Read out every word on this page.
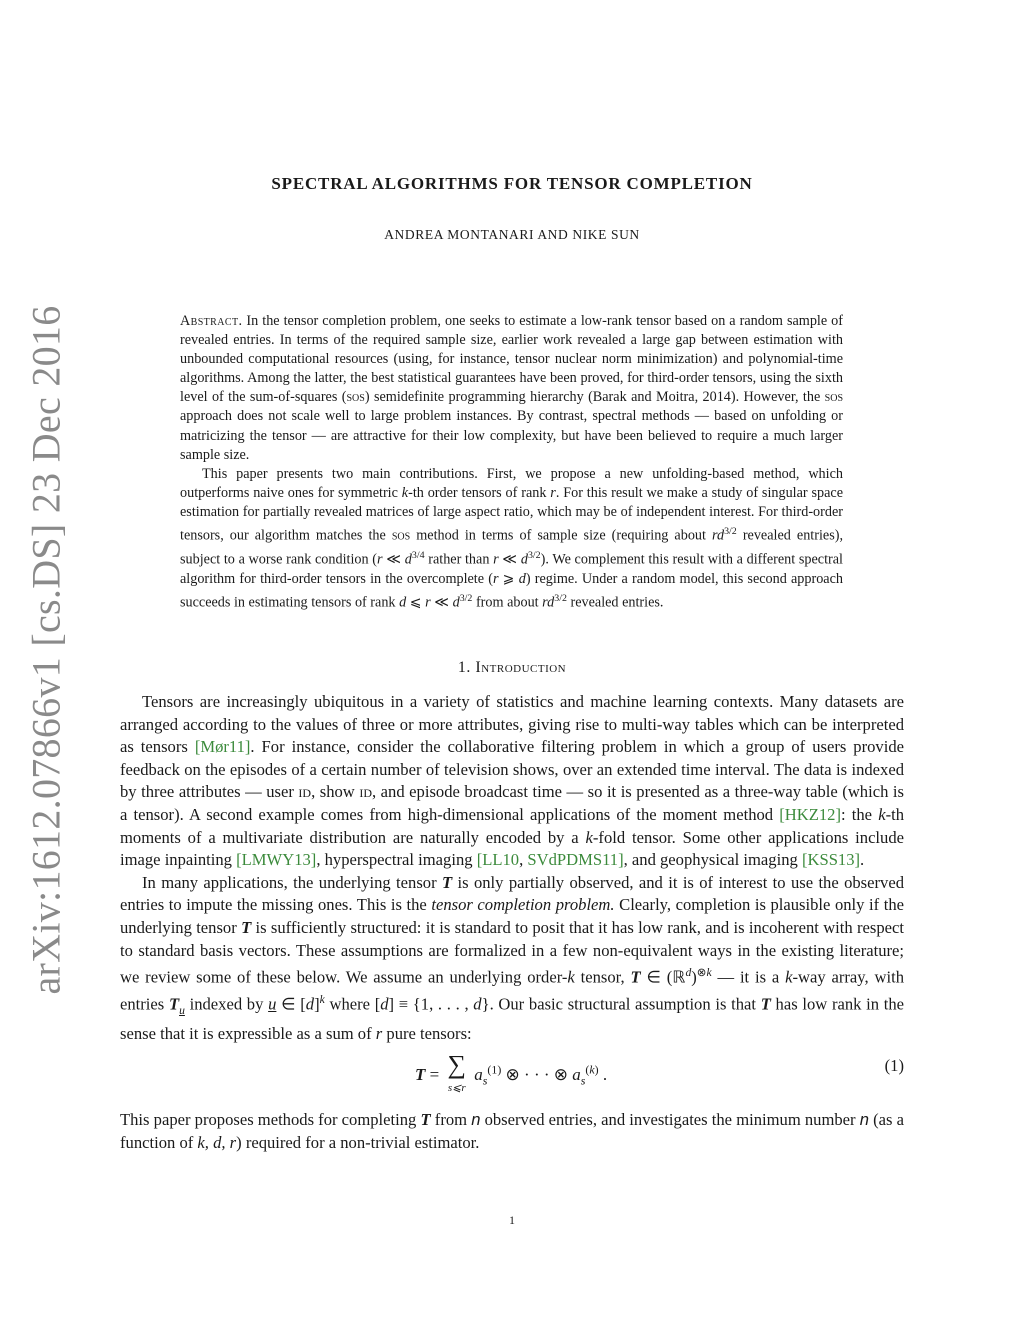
arXiv:1612.07866v1 [cs.DS] 23 Dec 2016
SPECTRAL ALGORITHMS FOR TENSOR COMPLETION
ANDREA MONTANARI AND NIKE SUN

Abstract. In the tensor completion problem, one seeks to estimate a low-rank tensor based on a random sample of revealed entries. In terms of the required sample size, earlier work revealed a large gap between estimation with unbounded computational resources (using, for instance, tensor nuclear norm minimization) and polynomial-time algorithms. Among the latter, the best statistical guarantees have been proved, for third-order tensors, using the sixth level of the sum-of-squares (sos) semidefinite programming hierarchy (Barak and Moitra, 2014). However, the sos approach does not scale well to large problem instances. By contrast, spectral methods — based on unfolding or matricizing the tensor — are attractive for their low complexity, but have been believed to require a much larger sample size.

This paper presents two main contributions. First, we propose a new unfolding-based method, which outperforms naive ones for symmetric k-th order tensors of rank r. For this result we make a study of singular space estimation for partially revealed matrices of large aspect ratio, which may be of independent interest. For third-order tensors, our algorithm matches the sos method in terms of sample size (requiring about $rd^{3/2}$ revealed entries), subject to a worse rank condition (r ≪ $d^{3/4}$ rather than r ≪ $d^{3/2}$). We complement this result with a different spectral algorithm for third-order tensors in the overcomplete (r ⩾ d) regime. Under a random model, this second approach succeeds in estimating tensors of rank d ⩽ r ≪ $d^{3/2}$ from about $rd^{3/2}$ revealed entries.

1. Introduction

Tensors are increasingly ubiquitous in a variety of statistics and machine learning contexts. Many datasets are arranged according to the values of three or more attributes, giving rise to multi-way tables which can be interpreted as tensors [Mør11]. For instance, consider the collaborative filtering problem in which a group of users provide feedback on the episodes of a certain number of television shows, over an extended time interval. The data is indexed by three attributes — user id, show id, and episode broadcast time — so it is presented as a three-way table (which is a tensor). A second example comes from high-dimensional applications of the moment method [HKZ12]: the k-th moments of a multivariate distribution are naturally encoded by a k-fold tensor. Some other applications include image inpainting [LMWY13], hyperspectral imaging [LL10, SVdPDMS11], and geophysical imaging [KSS13].

In many applications, the underlying tensor T is only partially observed, and it is of interest to use the observed entries to impute the missing ones. This is the tensor completion problem. Clearly, completion is plausible only if the underlying tensor T is sufficiently structured: it is standard to posit that it has low rank, and is incoherent with respect to standard basis vectors. These assumptions are formalized in a few non-equivalent ways in the existing literature; we review some of these below. We assume an underlying order-k tensor, T ∈ (ℝ$^d$)$^{\otimes k}$ — it is a k-way array, with entries $T_u$ indexed by u ∈ $[d]^k$ where [d] ≡ {1, . . . , d}. Our basic structural assumption is that T has low rank in the sense that it is expressible as a sum of r pure tensors:

T = ∑
s⩽r
$a_s^{(1)}$ ⊗ · · · ⊗ $a_s^{(k)}$ .	(1)

This paper proposes methods for completing T from n observed entries, and investigates the minimum number n (as a function of k, d, r) required for a non-trivial estimator.

1
